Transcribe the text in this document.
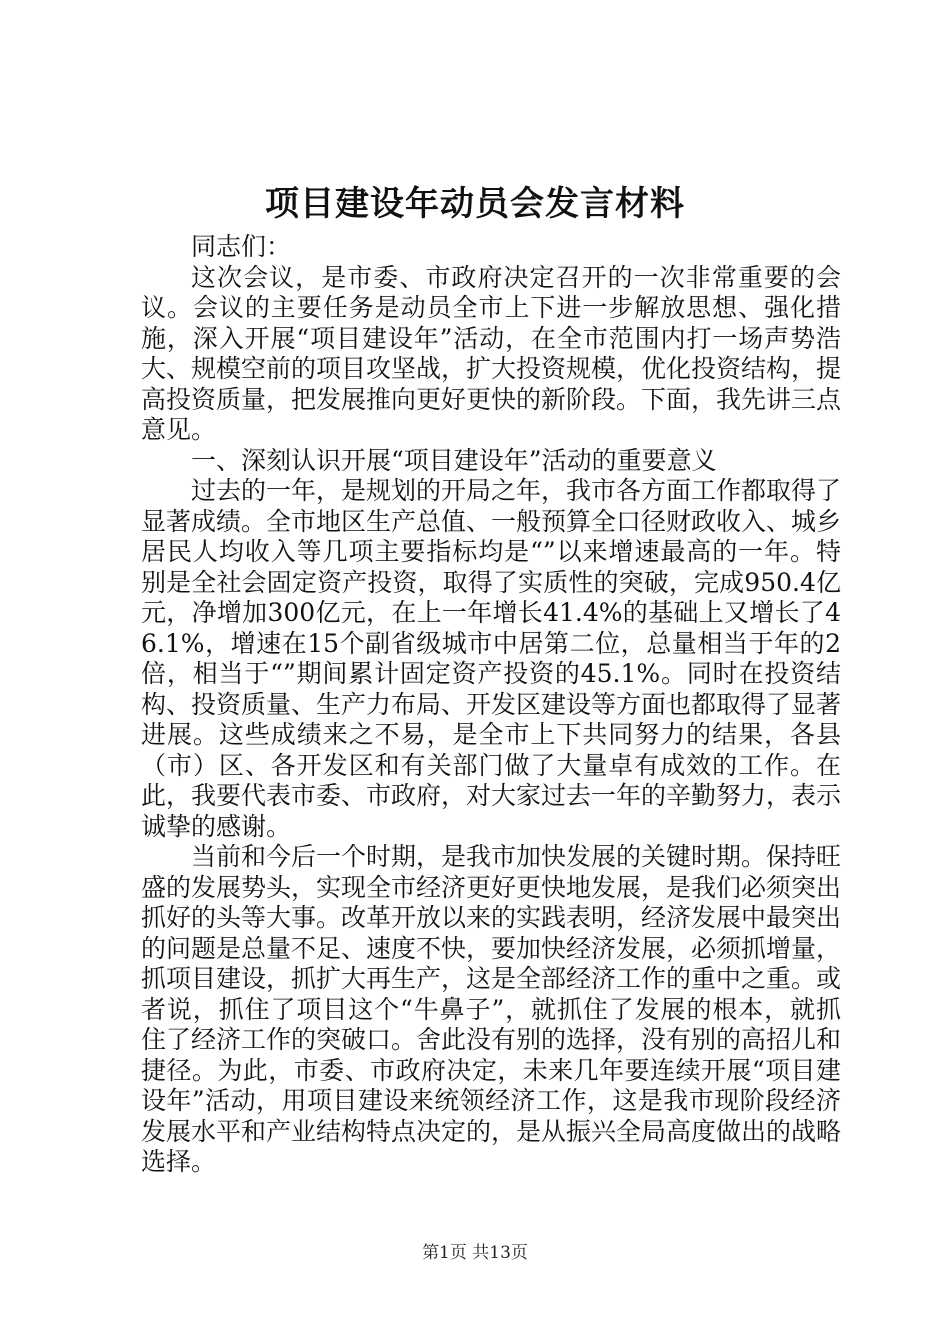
项目建设年动员会发言材料

同志们：

这次会议，是市委、市政府决定召开的一次非常重要的会议。会议的主要任务是动员全市上下进一步解放思想、强化措施，深入开展“项目建设年”活动，在全市范围内打一场声势浩大、规模空前的项目攻坚战，扩大投资规模，优化投资结构，提高投资质量，把发展推向更好更快的新阶段。下面，我先讲三点意见。

一、深刻认识开展“项目建设年”活动的重要意义

过去的一年，是规划的开局之年，我市各方面工作都取得了显著成绩。全市地区生产总值、一般预算全口径财政收入、城乡居民人均收入等几项主要指标均是“”以来增速最高的一年。特别是全社会固定资产投资，取得了实质性的突破，完成950.4亿元，净增加300亿元，在上一年增长41.4%的基础上又增长了46.1%，增速在15个副省级城市中居第二位，总量相当于年的2倍，相当于“”期间累计固定资产投资的45.1%。同时在投资结构、投资质量、生产力布局、开发区建设等方面也都取得了显著进展。这些成绩来之不易，是全市上下共同努力的结果，各县（市）区、各开发区和有关部门做了大量卓有成效的工作。在此，我要代表市委、市政府，对大家过去一年的辛勤努力，表示诚挚的感谢。

当前和今后一个时期，是我市加快发展的关键时期。保持旺盛的发展势头，实现全市经济更好更快地发展，是我们必须突出抓好的头等大事。改革开放以来的实践表明，经济发展中最突出的问题是总量不足、速度不快，要加快经济发展，必须抓增量，抓项目建设，抓扩大再生产，这是全部经济工作的重中之重。或者说，抓住了项目这个“牛鼻子”，就抓住了发展的根本，就抓住了经济工作的突破口。舍此没有别的选择，没有别的高招儿和捷径。为此，市委、市政府决定，未来几年要连续开展“项目建设年”活动，用项目建设来统领经济工作，这是我市现阶段经济发展水平和产业结构特点决定的，是从振兴全局高度做出的战略选择。

第1页 共13页
